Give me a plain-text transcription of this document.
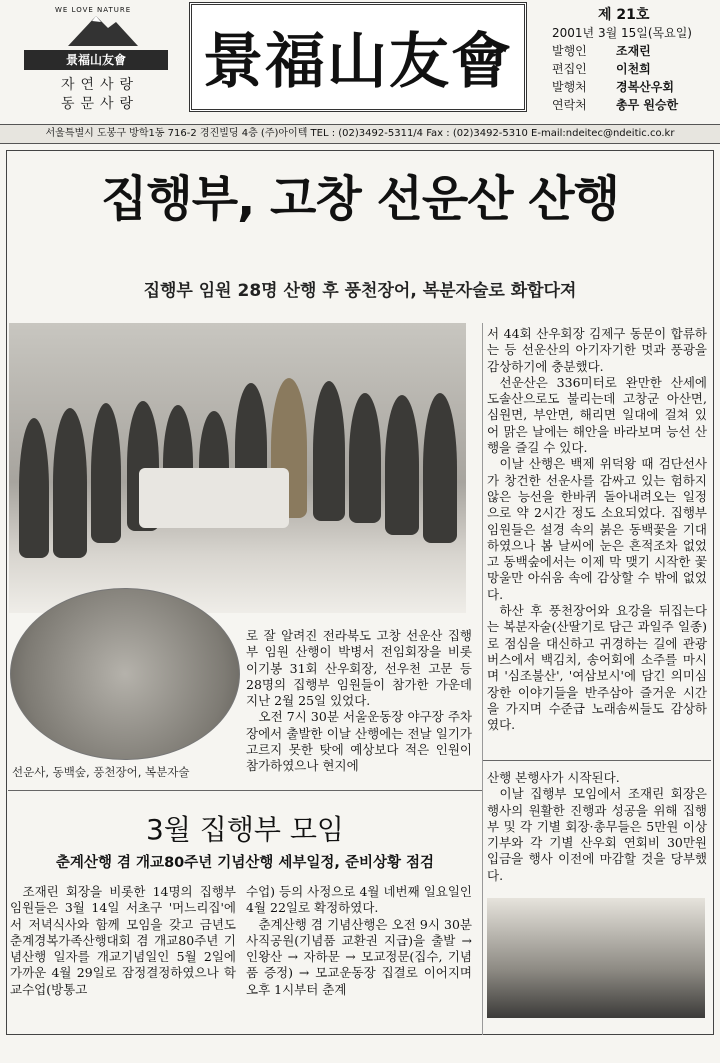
WE LOVE NATURE
景福山友會
자연사랑
동문사랑
景福山友會
제 21호
2001년 3월 15일(목요일)
발행인 조재린
편집인 이천희
발행처 경복산우회
연락처 총무 원승한
서울특별시 도봉구 방학1동 716-2 경진빌딩 4층 (주)아이텍 TEL : (02)3492-5311/4 Fax : (02)3492-5310 E-mail:ndeitec@ndeitic.co.kr
집행부, 고창 선운산 산행
집행부 임원 28명 산행 후 풍천장어, 복분자술로 화합다져

로 잘 알려진 전라북도 고창 선운산 집행부 임원 산행이 박병서 전임회장을 비롯 이기봉 31회 산우회장, 선우천 고문 등 28명의 집행부 임원들이 참가한 가운데 지난 2월 25일 있었다.

오전 7시 30분 서울운동장 야구장 주차장에서 출발한 이날 산행에는 전날 일기가 고르지 못한 탓에 예상보다 적은 인원이 참가하였으나 현지에

선운사, 동백숲, 풍천장어, 복분자술

서 44회 산우회장 김제구 동문이 합류하는 등 선운산의 아기자기한 멋과 풍광을 감상하기에 충분했다.

선운산은 336미터로 완만한 산세에 도솔산으로도 불리는데 고창군 아산면, 심원면, 부안면, 해리면 일대에 걸쳐 있어 맑은 날에는 해안을 바라보며 능선 산행을 즐길 수 있다.

이날 산행은 백제 위덕왕 때 검단선사가 창건한 선운사를 감싸고 있는 험하지 않은 능선을 한바퀴 돌아내려오는 일정으로 약 2시간 정도 소요되었다. 집행부 임원들은 설경 속의 붉은 동백꽃을 기대하였으나 봄 날씨에 눈은 흔적조차 없었고 동백숲에서는 이제 막 맺기 시작한 꽃망울만 아쉬움 속에 감상할 수 밖에 없었다.

하산 후 풍천장어와 요강을 뒤집는다는 복분자술(산딸기로 담근 과일주 일종)로 점심을 대신하고 귀경하는 길에 관광버스에서 백김치, 송어회에 소주를 마시며 '심조불산', '여삼보시'에 담긴 의미심장한 이야기들을 반주삼아 즐거운 시간을 가지며 수준급 노래솜씨들도 감상하였다.

산행 본행사가 시작된다.

이날 집행부 모임에서 조재린 회장은 행사의 원활한 진행과 성공을 위해 집행부 및 각 기별 회장·총무들은 5만원 이상 기부와 각 기별 산우회 연회비 30만원 입금을 행사 이전에 마감할 것을 당부했다.

3월 집행부 모임
춘계산행 겸 개교80주년 기념산행 세부일정, 준비상황 점검

조재린 회장을 비롯한 14명의 집행부 임원들은 3월 14일 서초구 '머느리집'에서 저녁식사와 함께 모임을 갖고 금년도 춘계경복가족산행대회 겸 개교80주년 기념산행 일자를 개교기념일인 5월 2일에 가까운 4월 29일로 잠정결정하였으나 학교수업(방통고

수업) 등의 사정으로 4월 네번째 일요일인 4월 22일로 확정하였다.

춘계산행 겸 기념산행은 오전 9시 30분 사직공원(기념품 교환권 지급)을 출발 → 인왕산 → 자하문 → 모교정문(집수, 기념품 증정) → 모교운동장 집결로 이어지며 오후 1시부터 춘계
